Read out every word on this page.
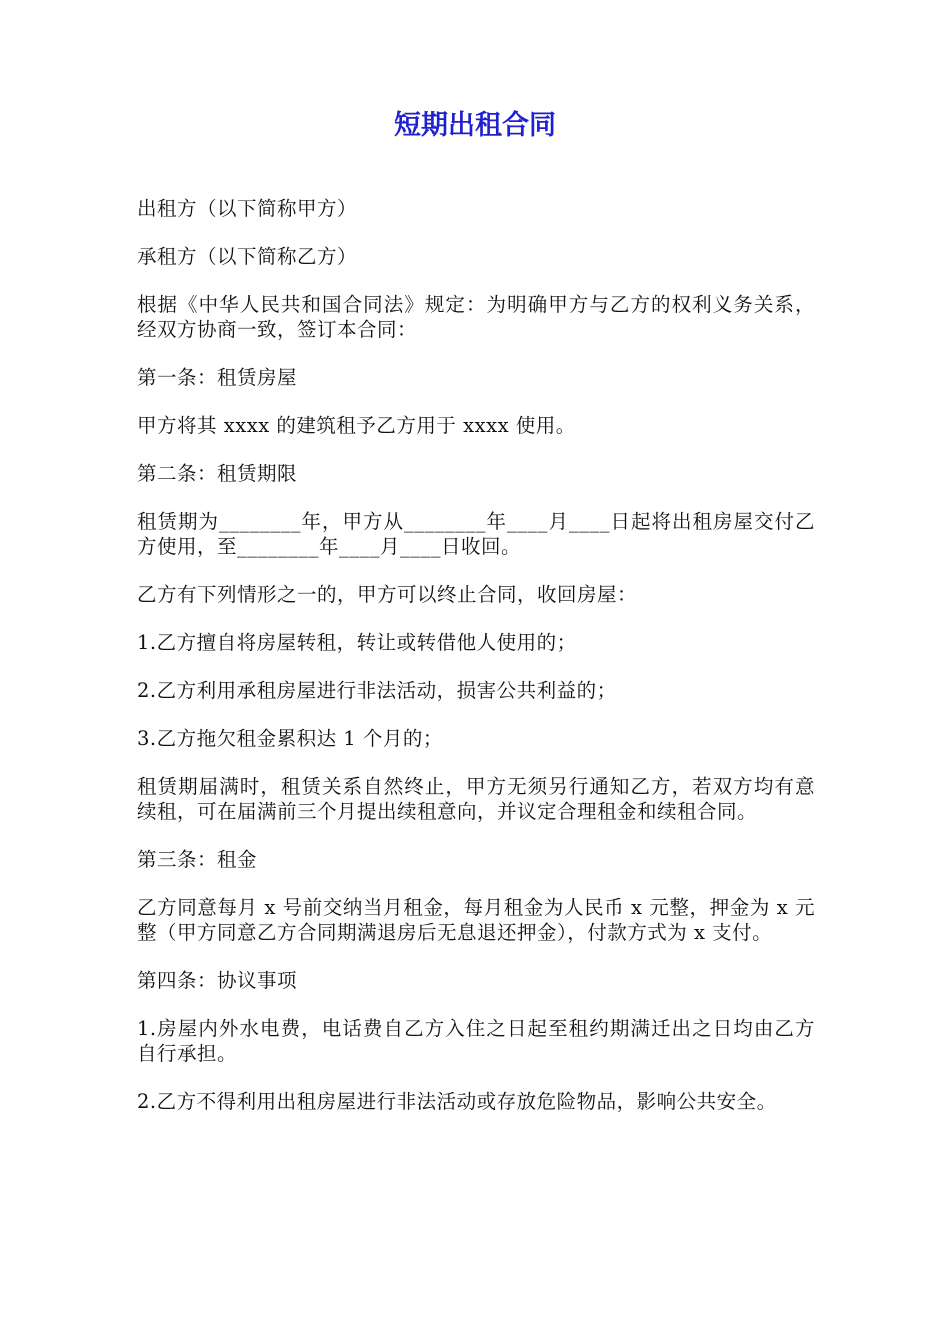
短期出租合同

出租方（以下简称甲方）

承租方（以下简称乙方）

根据《中华人民共和国合同法》规定：为明确甲方与乙方的权利义务关系，经双方协商一致，签订本合同：

第一条：租赁房屋

甲方将其 xxxx 的建筑租予乙方用于 xxxx 使用。

第二条：租赁期限

租赁期为________年，甲方从________年____月____日起将出租房屋交付乙方使用，至________年____月____日收回。

乙方有下列情形之一的，甲方可以终止合同，收回房屋：

1.乙方擅自将房屋转租，转让或转借他人使用的；

2.乙方利用承租房屋进行非法活动，损害公共利益的；

3.乙方拖欠租金累积达 1 个月的；

租赁期届满时，租赁关系自然终止，甲方无须另行通知乙方，若双方均有意续租，可在届满前三个月提出续租意向，并议定合理租金和续租合同。

第三条：租金

乙方同意每月 x 号前交纳当月租金，每月租金为人民币 x 元整，押金为 x 元整（甲方同意乙方合同期满退房后无息退还押金），付款方式为 x 支付。

第四条：协议事项

1.房屋内外水电费，电话费自乙方入住之日起至租约期满迁出之日均由乙方自行承担。

2.乙方不得利用出租房屋进行非法活动或存放危险物品，影响公共安全。
